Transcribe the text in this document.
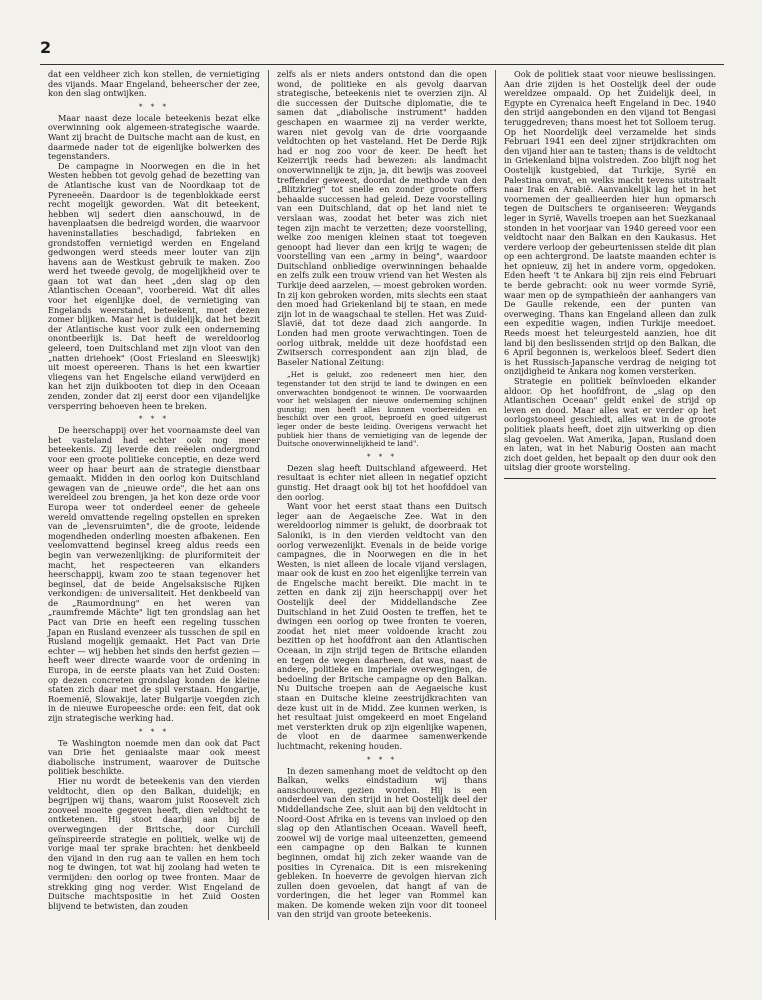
2

dat een veldheer zich kon stellen, de vernietiging des vijands. Maar Engeland, beheerscher der zee, kon den slag ontwijken.

* * *

Maar naast deze locale beteekenis bezat elke overwinning ook algemeen-strategische waarde. Want zij bracht de Duitsche macht aan de kust, en daarmede nader tot de eigenlijke bolwerken des tegenstanders.

De campagne in Noorwegen en die in het Westen hebben tot gevolg gehad de bezetting van de Atlantische kust van de Noordkaap tot de Pyreneeën. Daardoor is de tegenblokkade eerst recht mogelijk geworden. Wat dit beteekent, hebben wij sedert dien aanschouwd, in de havenplaatsen die bedreigd worden, die waarvoor haveninstallaties beschadigd, fabrieken en grondstoffen vernietigd werden en Engeland gedwongen werd steeds meer louter van zijn havens aan de Westkust gebruik te maken. Zoo werd het tweede gevolg, de mogelijkheid over te gaan tot wat dan heet „den slag op den Atlantischen Oceaan", voorbereid. Wat dit alles voor het eigenlijke doel, de vernietiging van Engelands weerstand, beteekent, moet dezen zomer blijken. Maar het is duidelijk, dat het bezit der Atlantische kust voor zulk een onderneming onontbeerlijk is. Dat heeft de wereldoorlog geleerd, toen Duitschland met zijn vloot van den „natten driehoek" (Oost Friesland en Sleeswijk) uit moest opereeren. Thans is het een kwartier vliegens van het Engelsche eiland verwijderd en kan het zijn duikbooten tot diep in den Oceaan zenden, zonder dat zij eerst door een vijandelijke versperring behoeven heen te breken.

* * *

De heerschappij over het voornaamste deel van het vasteland had echter ook nog meer beteekenis. Zij leverde den reëelen ondergrond voor een groote politieke conceptie, en deze werd weer op haar beurt aan de strategie dienstbaar gemaakt. Midden in den oorlog kon Duitschland gewagen van de „nieuwe orde", die het aan ons wereldeel zou brengen, ja het kon deze orde voor Europa weer tot onderdeel eener de geheele wereld omvattende regeling opstellen en spreken van de „levensruimten", die de groote, leidende mogendheden onderling moesten afbakenen. Een veelomvattend beginsel kreeg aldus reeds een begin van verwezenlijking: de pluriformiteit der macht, het respecteeren van elkanders heerschappij, kwam zoo te staan tegenover het beginsel, dat de beide Angelsaksische Rijken verkondigen: de universaliteit. Het denkbeeld van de „Raumordnung" en het weren van „raumfremde Mächte" ligt ten grondslag aan het Pact van Drie en heeft een regeling tusschen Japan en Rusland evenzeer als tusschen de spil en Rusland mogelijk gemaakt. Het Pact van Drie echter — wij hebben het sinds den herfst gezien — heeft weer directe waarde voor de ordening in Europa, in de eerste plaats van het Zuid Oosten: op dezen concreten grondslag konden de kleine staten zich daar met de spil verstaan. Hongarije, Roemenië, Slowakije, later Bulgarije voegden zich in de nieuwe Europeesche orde: een feit, dat ook zijn strategische werking had.

* * *

Te Washington noemde men dan ook dat Pact van Drie het geniaalste maar ook meest diabolische instrument, waarover de Duitsche politiek beschikte.

Hier nu wordt de beteekenis van den vierden veldtocht, dien op den Balkan, duidelijk; en begrijpen wij thans, waarom juist Roosevelt zich zooveel moeite gegeven heeft, dien veldtocht te ontketenen. Hij stoot daarbij aan bij de overwegingen der Britsche, door Curchill geïnspireerde strategie en politiek, welke wij de vorige maal ter sprake brachten: het denkbeeld den vijand in den rug aan te vallen en hem toch nog te dwingen, tot wat hij zoolang had weten te vermijden: den oorlog op twee fronten. Maar de strekking ging nog verder. Wist Engeland de Duitsche machtspositie in het Zuid Oosten blijvend te betwisten, dan zouden

zelfs als er niets anders ontstond dan die open wond, de politieke en als gevolg daarvan strategische, beteekenis niet te overzien zijn. Al die successen der Duitsche diplomatie, die te samen dat „diabolische instrument" hadden geschapen en waarmee zij na verder werkte, waren niet gevolg van de drie voorgaande veldtochten op het vasteland. Het De Derde Rijk had er nog zoo voor de keer. De heeft het Keizerrijk reeds had bewezen: als landmacht onoverwinnelijk te zijn, ja, dit bewijs was zooveel treffender geweest, doordat de methode van den „Blitzkrieg" tot snelle en zonder groote offers behaalde successen had geleid. Deze voorstelling van een Duitschland, dat op het land niet te verslaan was, zoodat het beter was zich niet tegen zijn macht te verzetten; deze voorstelling, welke zoo menigen kleinen staat tot toegeven genoopt had liever dan een krijg te wagen; de voorstelling van een „army in being", waardoor Duitschland onbliedige overwinningen behaalde en zelfs zulk een trouw vriend van het Westen als Turkije deed aarzelen, — moest gebroken worden. In zij kon gebroken worden, mits slechts een staat den moed had Griekenland bij te staan, en mede zijn lot in de waagschaal te stellen. Het was Zuid-Slavië, dat tot deze daad zich aangorde. In Londen had men groote verwachtingen. Toen de oorlog uitbrak, meldde uit deze hoofdstad een Zwitsersch correspondent aan zijn blad, de Baseler National Zeitung:

„Het is gelukt, zoo redeneert men hier, den tegenstander tot den strijd te land te dwingen en een onverwachten bondgenoot te winnen. De voorwaarden voor het welslagen der nieuwe onderneming schijnen gunstig; men heeft alles kunnen voorbereiden en beschikt over een groot, beproefd en goed uitgerust leger onder de beste leiding. Overigens verwacht het publiek hier thans de vernietiging van de legende der Duitsche onoverwinnelijkheid te land".

* * *

Dezen slag heeft Duitschland afgeweerd. Het resultaat is echter niet alleen in negatief opzicht gunstig. Het draagt ook bij tot het hoofddoel van den oorlog.

Want voor het eerst staat thans een Duitsch leger aan de Aegaeische Zee. Wat in den wereldoorlog nimmer is gelukt, de doorbraak tot Saloniki, is in den vierden veldtocht van den oorlog verwezenlijkt. Evenals in de beide vorige campagnes, die in Noorwegen en die in het Westen, is niet alleen de locale vijand verslagen, maar ook de kust en zoo het eigenlijke terrein van de Engelsche macht bereikt. Die macht in te zetten en dank zij zijn heerschappij over het Oostelijk deel der Middellandsche Zee Duitschland in het Zuid Oosten te treffen, het te dwingen een oorlog op twee fronten te voeren, zoodat het niet meer voldoende kracht zou bezitten op het hoofdfront aan den Atlantischen Oceaan, in zijn strijd tegen de Britsche eilanden en tegen de wegen daarheen, dat was, naast de andere, politieke en imperiale overwegingen, de bedoeling der Britsche campagne op den Balkan. Nu Duitsche troepen aan de Aegaeische kust staan en Duitsche kleine zeestrijdkrachten van deze kust uit in de Midd. Zee kunnen werken, is het resultaat juist omgekeerd en moet Engeland met versterkten druk op zijn eigenlijke wapenen, de vloot en de daarmee samenwerkende luchtmacht, rekening houden.

* * *

In dezen samenhang moet de veldtocht op den Balkan, welks eindstadium wij thans aanschouwen, gezien worden. Hij is een onderdeel van den strijd in het Oostelijk deel der Middellandsche Zee, sluit aan bij den veldtocht in Noord-Oost Afrika en is tevens van invloed op den slag op den Atlantischen Oceaan. Wavell heeft, zoowel wij de vorige maal uiteenzetten, gemeend een campagne op den Balkan te kunnen beginnen, omdat hij zich zeker waande van de posities in Cyrenaica. Dit is een misrekening gebleken. In hoeverre de gevolgen hiervan zich zullen doen gevoelen, dat hangt af van de vorderingen, die het leger van Rommel kan maken. De komende weken zijn voor dit tooneel van den strijd van groote beteekenis.

Ook de politiek staat voor nieuwe beslissingen. Aan drie zijden is het Oostelijk deel der oude wereldzee ompaald. Op het Zuidelijk deel, in Egypte en Cyrenaica heeft Engeland in Dec. 1940 den strijd aangebonden en den vijand tot Bengasi teruggedreven; thans moest het tot Solloem terug. Op het Noordelijk deel verzamelde het sinds Februari 1941 een deel zijner strijdkrachten om den vijand hier aan te tasten; thans is de veldtocht in Griekenland bijna volstreden. Zoo blijft nog het Oostelijk kustgebied, dat Turkije, Syrië en Palestina omvat, en welks macht tevens uitstraalt naar Irak en Arabië. Aanvankelijk lag het in het voornemen der geallieerden hier hun opmarsch tegen de Duitschers te organiseeren: Weygands leger in Syrië, Wavells troepen aan het Suezkanaal stonden in het voorjaar van 1940 gereed voor een veldtocht naar den Balkan en den Kaukasus. Het verdere verloop der gebeurtenissen stelde dit plan op een achtergrond. De laatste maanden echter is het opnieuw, zij het in andere vorm, opgedoken. Eden heeft 't te Ankara bij zijn reis eind Februari te berde gebracht: ook nu weer vormde Syrië, waar men op de sympathieën der aanhangers van De Gaulle rekende, een der punten van overweging. Thans kan Engeland alleen dan zulk een expeditie wagen, indien Turkije meedoet. Reeds moest het teleurgesteld aanzien, hoe dit land bij den beslissenden strijd op den Balkan, die 6 April begonnen is, werkeloos bleef. Sedert dien is het Russisch-Japansche verdrag de neiging tot onzijdigheid te Ankara nog komen versterken.

Strategie en politiek beïnvloeden elkander aldoor. Op het hoofdfront, de „slag op den Atlantischen Oceaan" geldt enkel de strijd op leven en dood. Maar alles wat er verder op het oorlogstooneel geschiedt, alles wat in de groote politiek plaats heeft, doet zijn uitwerking op dien slag gevoelen. Wat Amerika, Japan, Rusland doen en laten, wat in het Naburig Oosten aan macht zich doet gelden, het bepaalt op den duur ook den uitslag dier groote worsteling.
